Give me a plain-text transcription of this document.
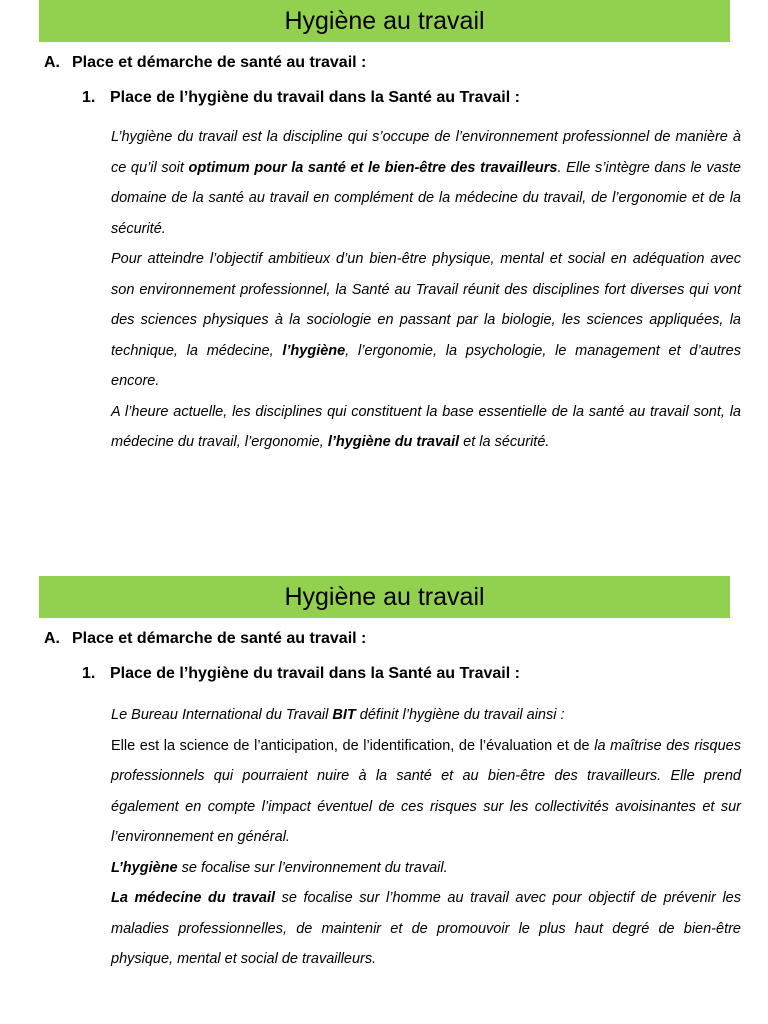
Hygiène au travail
A. Place et démarche de santé au travail :
1. Place de l’hygiène du travail dans la Santé au Travail :

L’hygiène du travail est la discipline qui s’occupe de l’environnement professionnel de manière à ce qu’il soit optimum pour la santé et le bien-être des travailleurs. Elle s’intègre dans le vaste domaine de la santé au travail en complément de la médecine du travail, de l’ergonomie et de la sécurité.

Pour atteindre l’objectif ambitieux d’un bien-être physique, mental et social en adéquation avec son environnement professionnel, la Santé au Travail réunit des disciplines fort diverses qui vont des sciences physiques à la sociologie en passant par la biologie, les sciences appliquées, la technique, la médecine, l’hygiène, l’ergonomie, la psychologie, le management et d’autres encore.

A l’heure actuelle, les disciplines qui constituent la base essentielle de la santé au travail sont, la médecine du travail, l’ergonomie, l’hygiène du travail et la sécurité.

Hygiène au travail
A. Place et démarche de santé au travail :
1. Place de l’hygiène du travail dans la Santé au Travail :

Le Bureau International du Travail BIT définit l’hygiène du travail ainsi :

Elle est la science de l’anticipation, de l’identification, de l’évaluation et de la maîtrise des risques professionnels qui pourraient nuire à la santé et au bien-être des travailleurs. Elle prend également en compte l’impact éventuel de ces risques sur les collectivités avoisinantes et sur l’environnement en général.

L’hygiène se focalise sur l’environnement du travail.

La médecine du travail se focalise sur l’homme au travail avec pour objectif de prévenir les maladies professionnelles, de maintenir et de promouvoir le plus haut degré de bien-être physique, mental et social de travailleurs.
